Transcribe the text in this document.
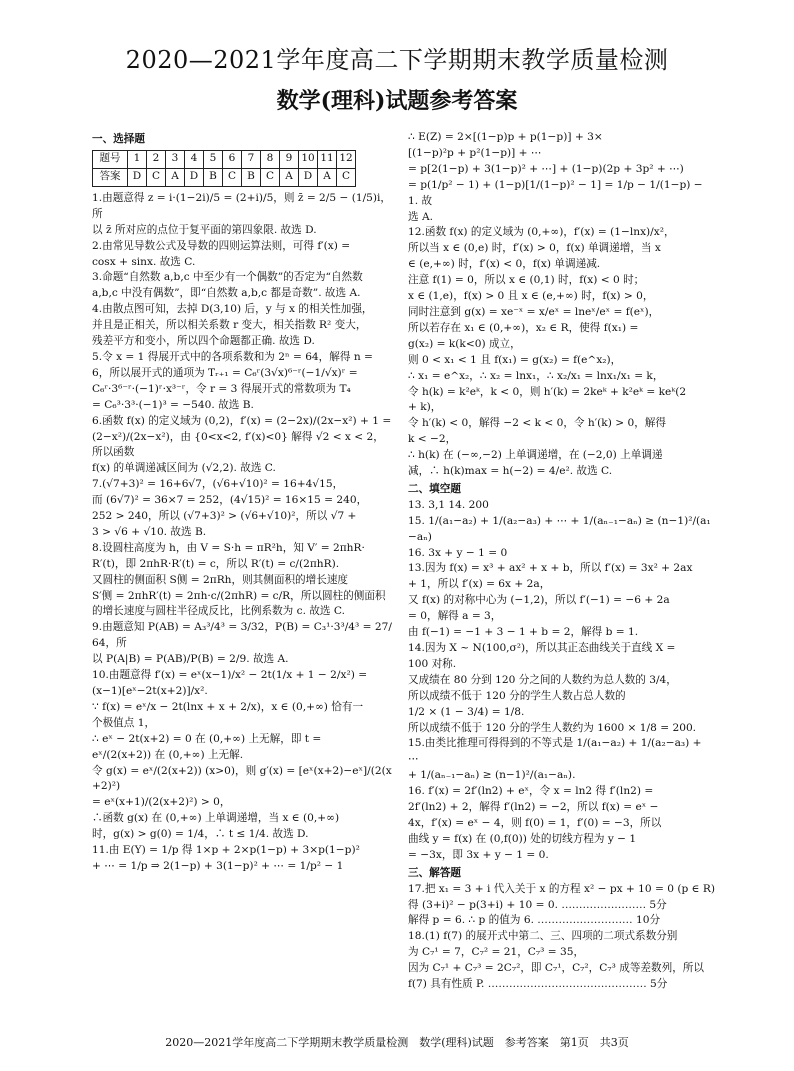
2020—2021学年度高二下学期期末教学质量检测
数学(理科)试题参考答案

一、选择题

题号	1	2	3	4	5	6	7	8	9	10	11	12
答案	D	C	A	D	B	C	B	C	A	D	A	C

1.由题意得 z = i·(1−2i)/5 = (2+i)/5，则 z̄ = 2/5 − (1/5)i，所

以 z̄ 所对应的点位于复平面的第四象限. 故选 D.

2.由常见导数公式及导数的四则运算法则，可得 f′(x) =

cosx + sinx. 故选 C.

3.命题“自然数 a,b,c 中至少有一个偶数”的否定为“自然数

a,b,c 中没有偶数”，即“自然数 a,b,c 都是奇数”. 故选 A.

4.由散点图可知，去掉 D(3,10) 后，y 与 x 的相关性加强，

并且是正相关，所以相关系数 r 变大，相关指数 R² 变大，

残差平方和变小，所以四个命题都正确. 故选 D.

5.令 x = 1 得展开式中的各项系数和为 2ⁿ = 64，解得 n =

6，所以展开式的通项为 Tᵣ₊₁ = C₆ʳ(3√x)⁶⁻ʳ(−1/√x)ʳ =

C₆ʳ·3⁶⁻ʳ·(−1)ʳ·x³⁻ʳ，令 r = 3 得展开式的常数项为 T₄

= C₆³·3³·(−1)³ = −540. 故选 B.

6.函数 f(x) 的定义域为 (0,2)，f′(x) = (2−2x)/(2x−x²) + 1 =

(2−x²)/(2x−x²)，由 {0<x<2, f′(x)<0} 解得 √2 < x < 2，所以函数

f(x) 的单调递减区间为 (√2,2). 故选 C.

7.(√7+3)² = 16+6√7，(√6+√10)² = 16+4√15，

而 (6√7)² = 36×7 = 252，(4√15)² = 16×15 = 240，

252 > 240，所以 (√7+3)² > (√6+√10)²，所以 √7 +

3 > √6 + √10. 故选 B.

8.设圆柱高度为 h，由 V = S·h = πR²h，知 V′ = 2πhR·

R′(t)，即 2πhR·R′(t) = c，所以 R′(t) = c/(2πhR).

又圆柱的侧面积 S侧 = 2πRh，则其侧面积的增长速度

S′侧 = 2πhR′(t) = 2πh·c/(2πhR) = c/R，所以圆柱的侧面积

的增长速度与圆柱半径成反比，比例系数为 c. 故选 C.

9.由题意知 P(AB) = A₃³/4³ = 3/32，P(B) = C₃¹·3³/4³ = 27/64，所

以 P(A|B) = P(AB)/P(B) = 2/9. 故选 A.

10.由题意得 f′(x) = eˣ(x−1)/x² − 2t(1/x + 1 − 2/x²) =

(x−1)[eˣ−2t(x+2)]/x².

∵ f(x) = eˣ/x − 2t(lnx + x + 2/x)，x ∈ (0,+∞) 恰有一

个极值点 1，

∴ eˣ − 2t(x+2) = 0 在 (0,+∞) 上无解，即 t =

eˣ/(2(x+2)) 在 (0,+∞) 上无解.

令 g(x) = eˣ/(2(x+2)) (x>0)，则 g′(x) = [eˣ(x+2)−eˣ]/(2(x+2)²)

= eˣ(x+1)/(2(x+2)²) > 0，

∴函数 g(x) 在 (0,+∞) 上单调递增，当 x ∈ (0,+∞)

时，g(x) > g(0) = 1/4，∴ t ≤ 1/4. 故选 D.

11.由 E(Y) = 1/p 得 1×p + 2×p(1−p) + 3×p(1−p)²

+ ⋯ = 1/p ⇒ 2(1−p) + 3(1−p)² + ⋯ = 1/p² − 1

∴ E(Z) = 2×[(1−p)p + p(1−p)] + 3×

[(1−p)²p + p²(1−p)] + ⋯

= p[2(1−p) + 3(1−p)² + ⋯] + (1−p)(2p + 3p² + ⋯)

= p(1/p² − 1) + (1−p)[1/(1−p)² − 1] = 1/p − 1/(1−p) − 1. 故

选 A.

12.函数 f(x) 的定义域为 (0,+∞)，f′(x) = (1−lnx)/x²，

所以当 x ∈ (0,e) 时，f′(x) > 0，f(x) 单调递增，当 x

∈ (e,+∞) 时，f′(x) < 0，f(x) 单调递减.

注意 f(1) = 0，所以 x ∈ (0,1) 时，f(x) < 0 时；

x ∈ (1,e)，f(x) > 0 且 x ∈ (e,+∞) 时，f(x) > 0，

同时注意到 g(x) = xe⁻ˣ = x/eˣ = lneˣ/eˣ = f(eˣ)，

所以若存在 x₁ ∈ (0,+∞)，x₂ ∈ R，使得 f(x₁) =

g(x₂) = k(k<0) 成立，

则 0 < x₁ < 1 且 f(x₁) = g(x₂) = f(e^x₂)，

∴ x₁ = e^x₂，∴ x₂ = lnx₁，∴ x₂/x₁ = lnx₁/x₁ = k，

令 h(k) = k²eᵏ，k < 0，则 h′(k) = 2keᵏ + k²eᵏ = keᵏ(2

+ k)，

令 h′(k) < 0，解得 −2 < k < 0，令 h′(k) > 0，解得

k < −2，

∴ h(k) 在 (−∞,−2) 上单调递增，在 (−2,0) 上单调递

减，∴ h(k)max = h(−2) = 4/e². 故选 C.

二、填空题

13. 3,1 14. 200

15. 1/(a₁−a₂) + 1/(a₂−a₃) + ⋯ + 1/(aₙ₋₁−aₙ) ≥ (n−1)²/(a₁−aₙ)

16. 3x + y − 1 = 0

13.因为 f(x) = x³ + ax² + x + b，所以 f′(x) = 3x² + 2ax

+ 1，所以 f′(x) = 6x + 2a，

又 f(x) 的对称中心为 (−1,2)，所以 f′(−1) = −6 + 2a

= 0，解得 a = 3，

由 f(−1) = −1 + 3 − 1 + b = 2，解得 b = 1.

14.因为 X ~ N(100,σ²)，所以其正态曲线关于直线 X =

100 对称.

又成绩在 80 分到 120 分之间的人数约为总人数的 3/4，

所以成绩不低于 120 分的学生人数占总人数的

1/2 × (1 − 3/4) = 1/8.

所以成绩不低于 120 分的学生人数约为 1600 × 1/8 = 200.

15.由类比推理可得得到的不等式是 1/(a₁−a₂) + 1/(a₂−a₃) + ⋯

+ 1/(aₙ₋₁−aₙ) ≥ (n−1)²/(a₁−aₙ).

16. f′(x) = 2f′(ln2) + eˣ，令 x = ln2 得 f′(ln2) =

2f′(ln2) + 2，解得 f′(ln2) = −2，所以 f(x) = eˣ −

4x，f′(x) = eˣ − 4，则 f(0) = 1，f′(0) = −3，所以

曲线 y = f(x) 在 (0,f(0)) 处的切线方程为 y − 1

= −3x，即 3x + y − 1 = 0.

三、解答题

17.把 x₁ = 3 + i 代入关于 x 的方程 x² − px + 10 = 0 (p ∈ R)

得 (3+i)² − p(3+i) + 10 = 0. …………………… 5分

解得 p = 6. ∴ p 的值为 6. ……………………… 10分

18.(1) f(7) 的展开式中第二、三、四项的二项式系数分别

为 C₇¹ = 7，C₇² = 21，C₇³ = 35，

因为 C₇¹ + C₇³ = 2C₇²，即 C₇¹，C₇²，C₇³ 成等差数列，所以

f(7) 具有性质 P. ……………………………………… 5分

2020—2021学年度高二下学期期末教学质量检测　数学(理科)试题　参考答案　第1页　共3页
